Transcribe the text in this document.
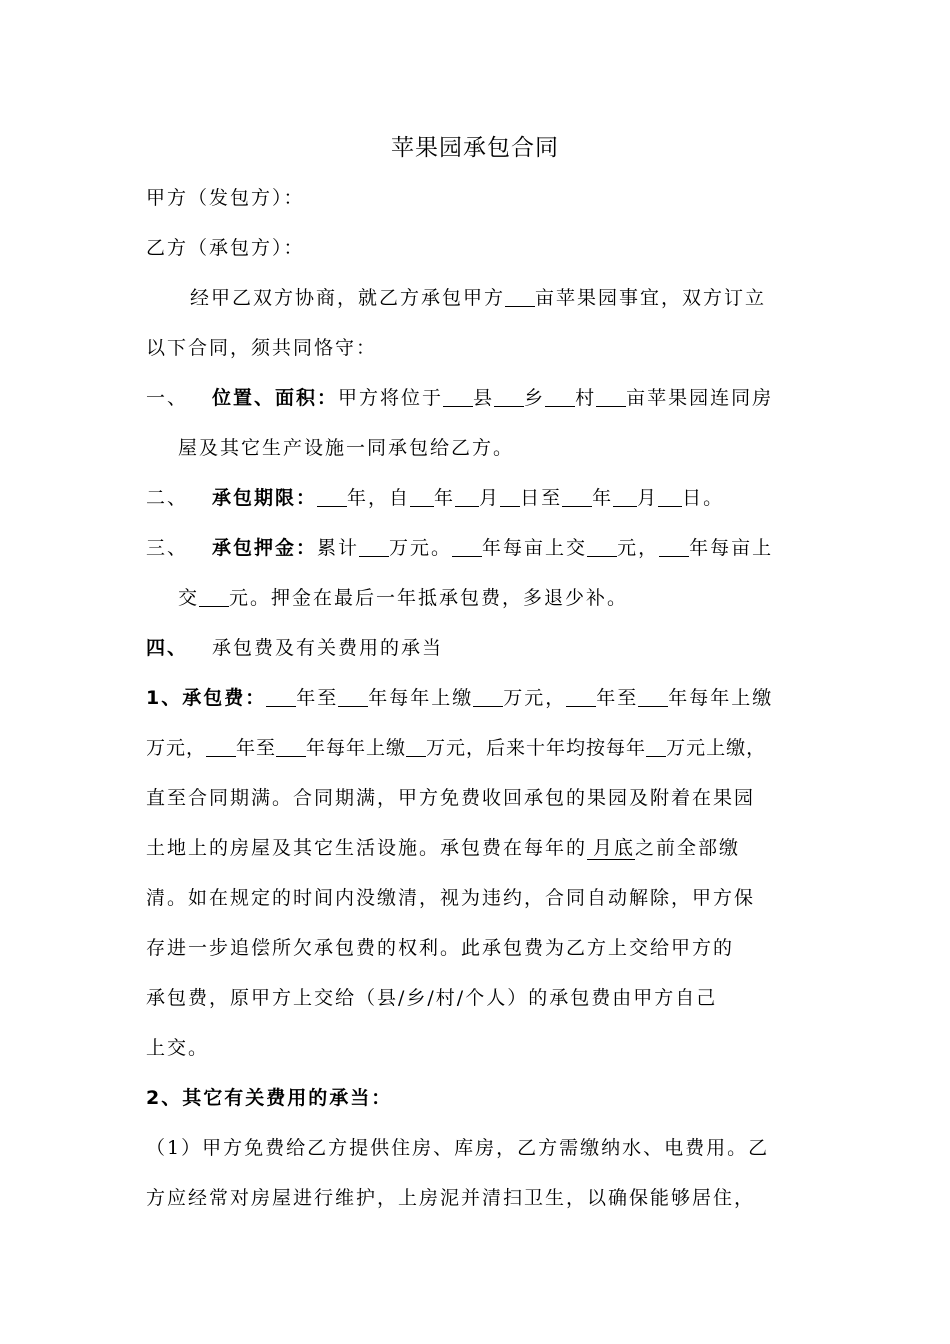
苹果园承包合同
甲方（发包方）：
乙方（承包方）：
经甲乙双方协商，就乙方承包甲方 亩苹果园事宜，双方订立
以下合同，须共同恪守：
一、 位置、面积：甲方将位于 县 乡 村 亩苹果园连同房
屋及其它生产设施一同承包给乙方。
二、 承包期限： 年，自 年 月 日至 年 月 日。
三、 承包押金：累计 万元。 年每亩上交 元， 年每亩上
交 元。押金在最后一年抵承包费，多退少补。
四、 承包费及有关费用的承当
1、承包费： 年至 年每年上缴 万元， 年至 年每年上缴
万元， 年至 年每年上缴 万元，后来十年均按每年 万元上缴，
直至合同期满。合同期满，甲方免费收回承包的果园及附着在果园
土地上的房屋及其它生活设施。承包费在每年的 月底之前全部缴
清。如在规定的时间内没缴清，视为违约，合同自动解除，甲方保
存进一步追偿所欠承包费的权利。此承包费为乙方上交给甲方的
承包费，原甲方上交给（县/乡/村/个人）的承包费由甲方自己
上交。
2、其它有关费用的承当：
（1）甲方免费给乙方提供住房、库房，乙方需缴纳水、电费用。乙
方应经常对房屋进行维护，上房泥并清扫卫生，以确保能够居住，
